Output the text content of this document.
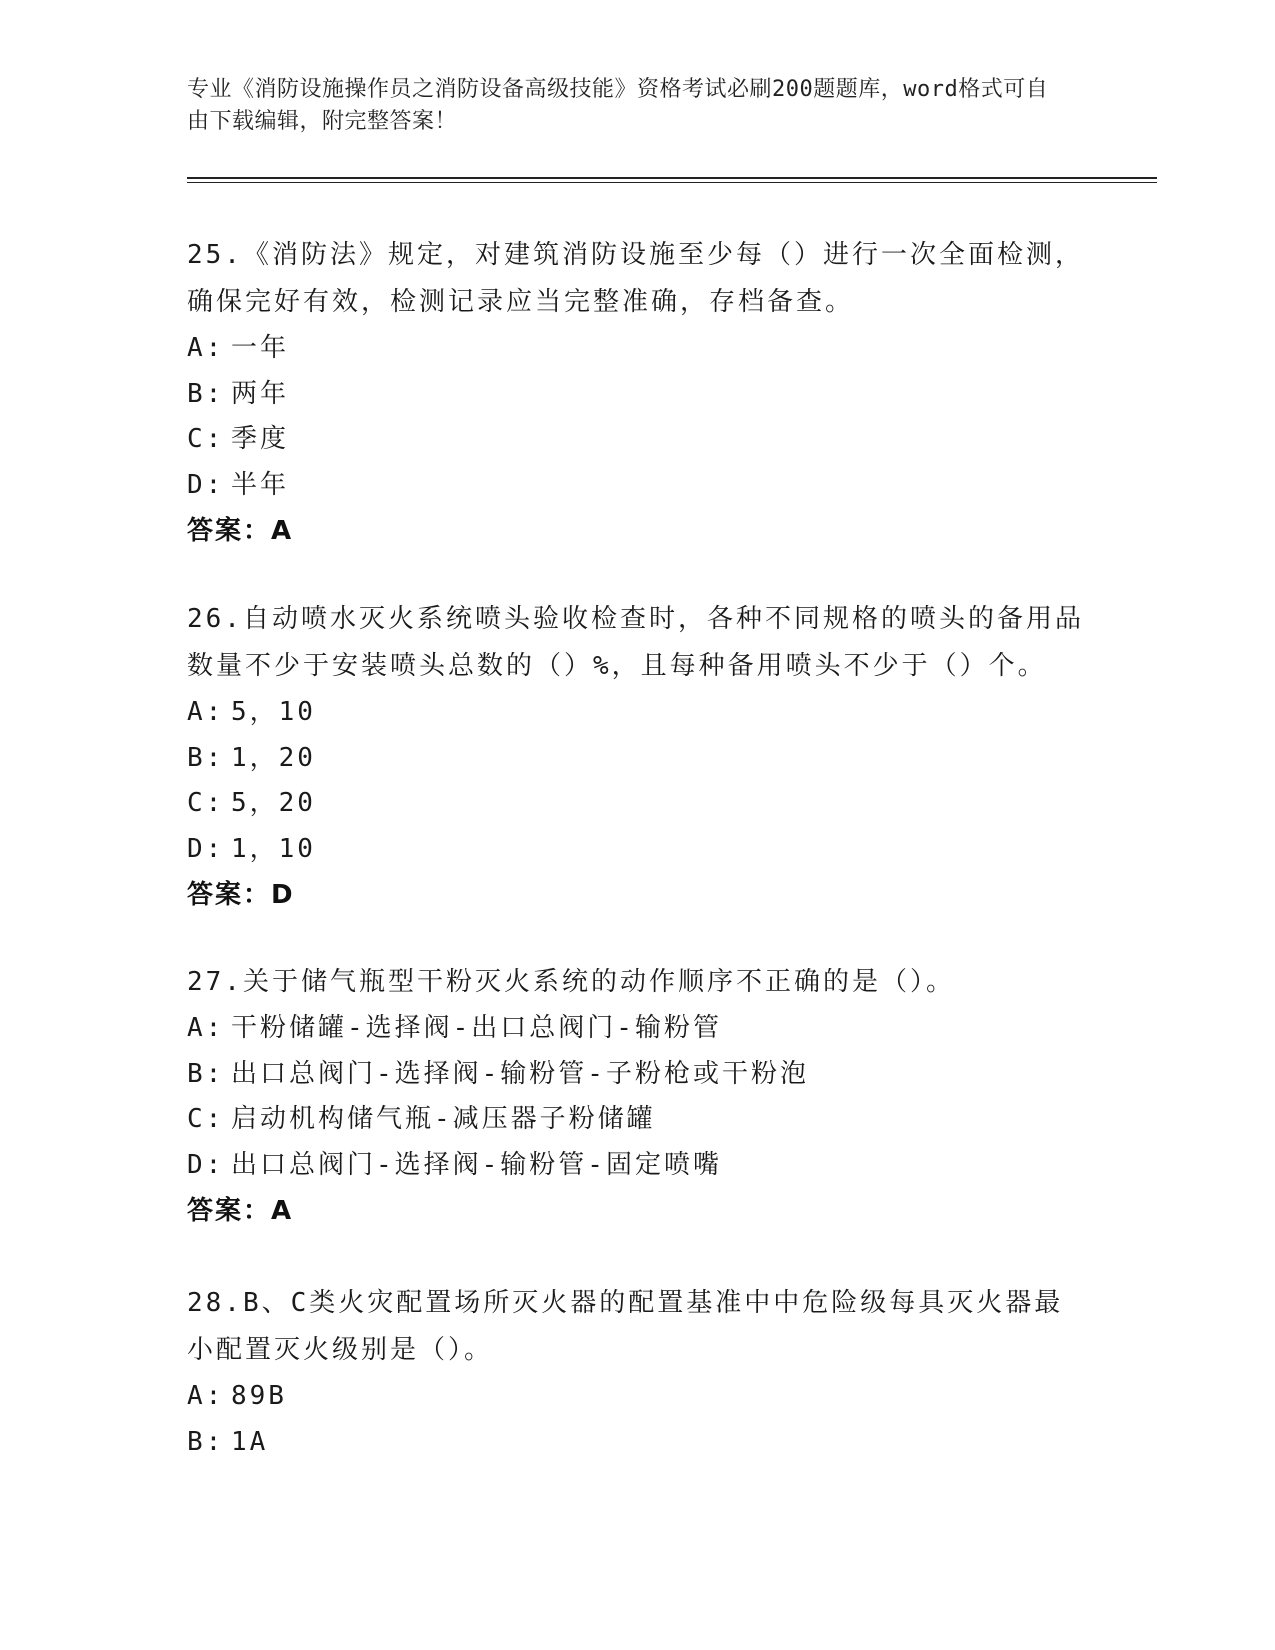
专业《消防设施操作员之消防设备高级技能》资格考试必刷200题题库，word格式可自由下载编辑，附完整答案！

25.《消防法》规定，对建筑消防设施至少每（）进行一次全面检测，确保完好有效，检测记录应当完整准确，存档备查。

A: 一年
B: 两年
C: 季度
D: 半年
答案：A

26.自动喷水灭火系统喷头验收检查时，各种不同规格的喷头的备用品数量不少于安装喷头总数的（）%，且每种备用喷头不少于（）个。

A: 5，10
B: 1，20
C: 5，20
D: 1，10
答案：D

27.关于储气瓶型干粉灭火系统的动作顺序不正确的是（）。

A: 干粉储罐-选择阀-出口总阀门-输粉管
B: 出口总阀门-选择阀-输粉管-子粉枪或干粉泡
C: 启动机构储气瓶-减压器子粉储罐
D: 出口总阀门-选择阀-输粉管-固定喷嘴
答案：A

28.B、C类火灾配置场所灭火器的配置基准中中危险级每具灭火器最小配置灭火级别是（）。

A: 89B
B: 1A
